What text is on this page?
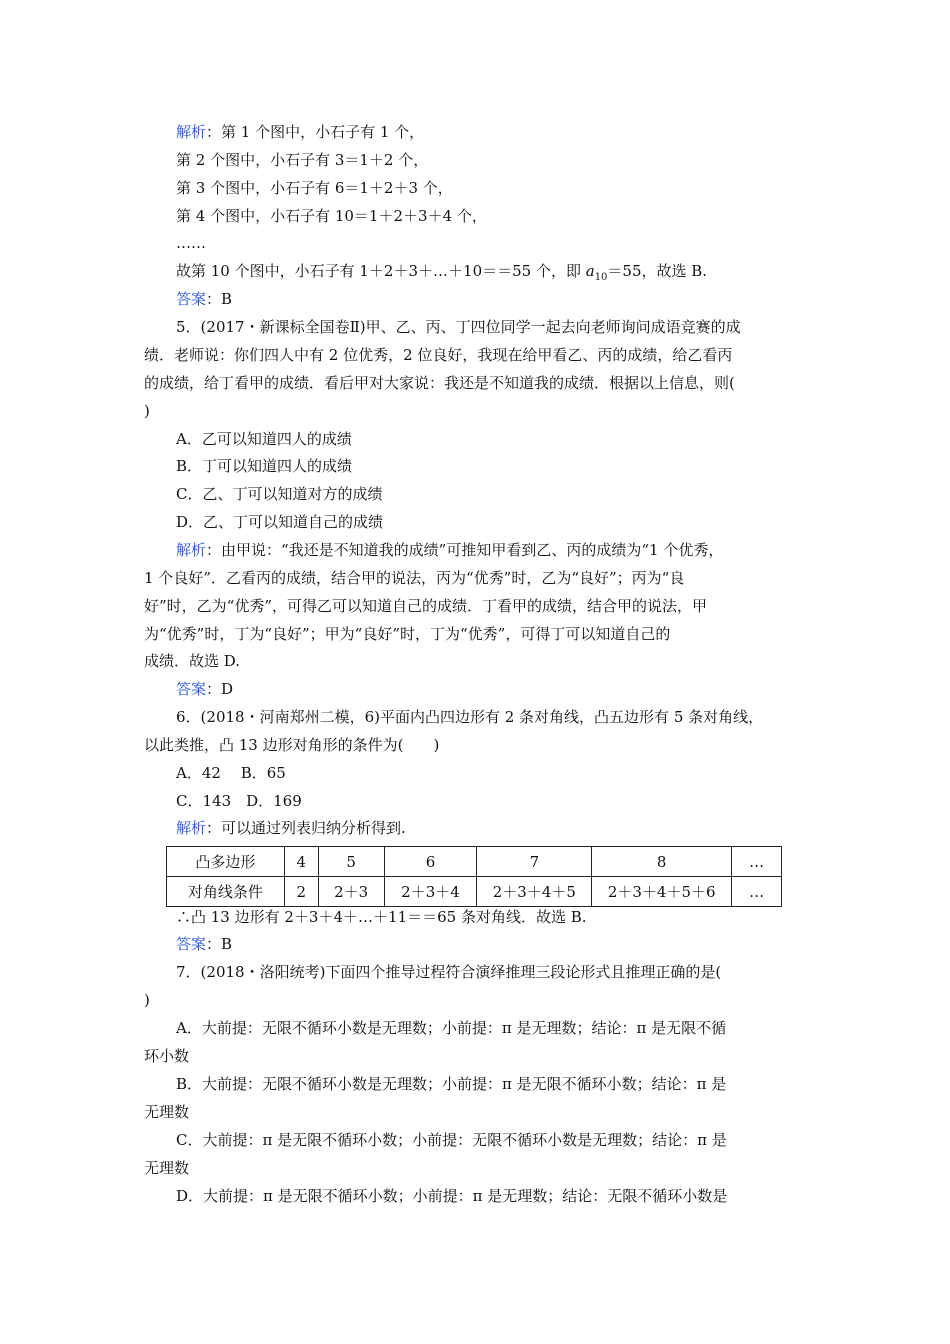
解析：第 1 个图中，小石子有 1 个，
第 2 个图中，小石子有 3＝1＋2 个，
第 3 个图中，小石子有 6＝1＋2＋3 个，
第 4 个图中，小石子有 10＝1＋2＋3＋4 个，
……
故第 10 个图中，小石子有 1＋2＋3＋…＋10＝＝55 个，即 $a_{10}=55$，故选 B.
答案：B
5．(2017・新课标全国卷Ⅱ)甲、乙、丙、丁四位同学一起去向老师询问成语竞赛的成
绩．老师说：你们四人中有 2 位优秀，2 位良好，我现在给甲看乙、丙的成绩，给乙看丙
的成绩，给丁看甲的成绩．看后甲对大家说：我还是不知道我的成绩．根据以上信息，则(
)
A．乙可以知道四人的成绩
B．丁可以知道四人的成绩
C．乙、丁可以知道对方的成绩
D．乙、丁可以知道自己的成绩
解析：由甲说：“我还是不知道我的成绩”可推知甲看到乙、丙的成绩为“1 个优秀，
1 个良好”．乙看丙的成绩，结合甲的说法，丙为“优秀”时，乙为“良好”；丙为“良
好”时，乙为“优秀”，可得乙可以知道自己的成绩．丁看甲的成绩，结合甲的说法，甲
为“优秀”时，丁为“良好”；甲为“良好”时，丁为“优秀”，可得丁可以知道自己的
成绩．故选 D.
答案：D
6．(2018・河南郑州二模，6)平面内凸四边形有 2 条对角线，凸五边形有 5 条对角线，
以此类推，凸 13 边形对角形的条件为(　　)
A．42　 B．65
C．143　D．169
解析：可以通过列表归纳分析得到.
凸多边形	4	5	6	7	8	…
对角线条件	2	2＋3	2＋3＋4	2＋3＋4＋5	2＋3＋4＋5＋6	…
∴凸 13 边形有 2＋3＋4＋…＋11＝＝65 条对角线．故选 B.
答案：B
7．(2018・洛阳统考)下面四个推导过程符合演绎推理三段论形式且推理正确的是(
)
A．大前提：无限不循环小数是无理数；小前提：π 是无理数；结论：π 是无限不循
环小数
B．大前提：无限不循环小数是无理数；小前提：π 是无限不循环小数；结论：π 是
无理数
C．大前提：π 是无限不循环小数；小前提：无限不循环小数是无理数；结论：π 是
无理数
D．大前提：π 是无限不循环小数；小前提：π 是无理数；结论：无限不循环小数是
